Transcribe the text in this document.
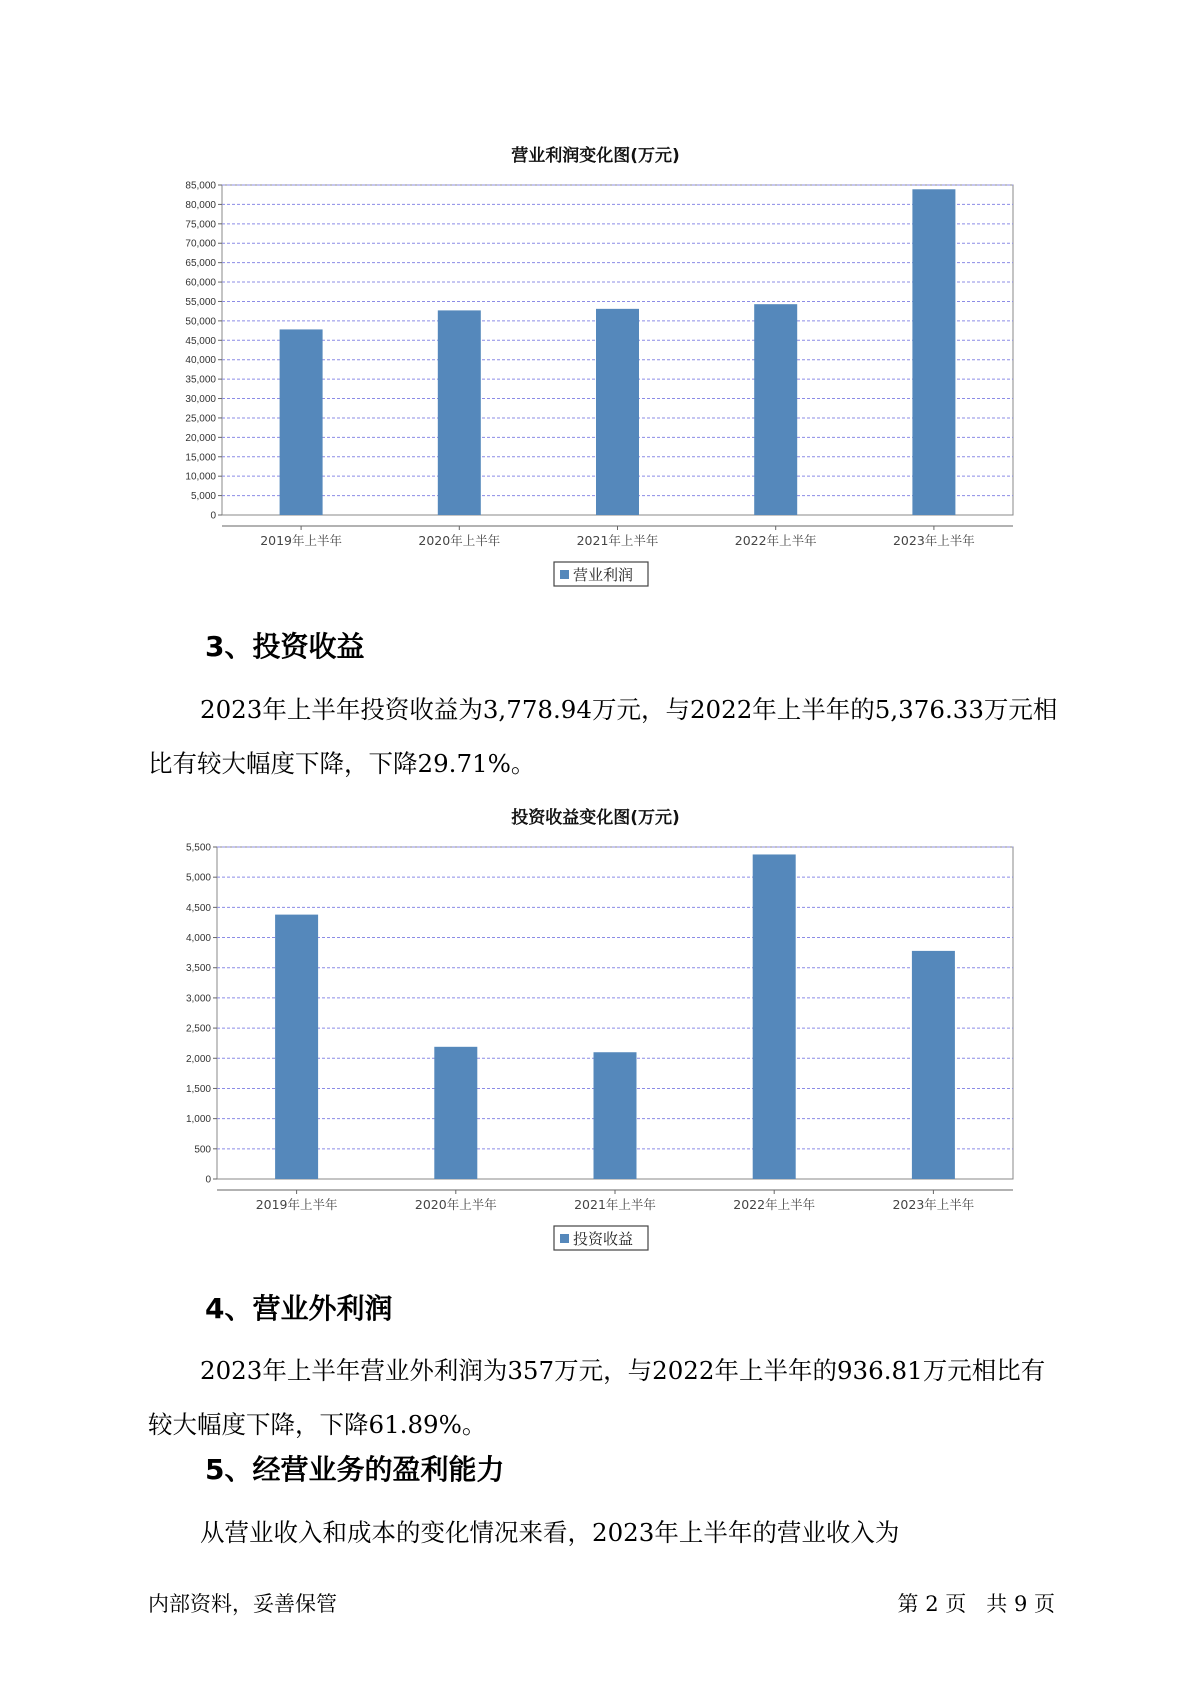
营业利润变化图(万元)
0
5,000
10,000
15,000
20,000
25,000
30,000
35,000
40,000
45,000
50,000
55,000
60,000
65,000
70,000
75,000
80,000
85,000
2019年上半年	2020年上半年	2021年上半年	2022年上半年	2023年上半年
营业利润
3、投资收益

2023年上半年投资收益为3,778.94万元，与2022年上半年的5,376.33万元相比有较大幅度下降，下降29.71%。

投资收益变化图(万元)
0
500
1,000
1,500
2,000
2,500
3,000
3,500
4,000
4,500
5,000
5,500
2019年上半年	2020年上半年	2021年上半年	2022年上半年	2023年上半年
投资收益
4、营业外利润

2023年上半年营业外利润为357万元，与2022年上半年的936.81万元相比有较大幅度下降，下降61.89%。

5、经营业务的盈利能力

从营业收入和成本的变化情况来看，2023年上半年的营业收入为

内部资料，妥善保管	第 2 页   共 9 页
